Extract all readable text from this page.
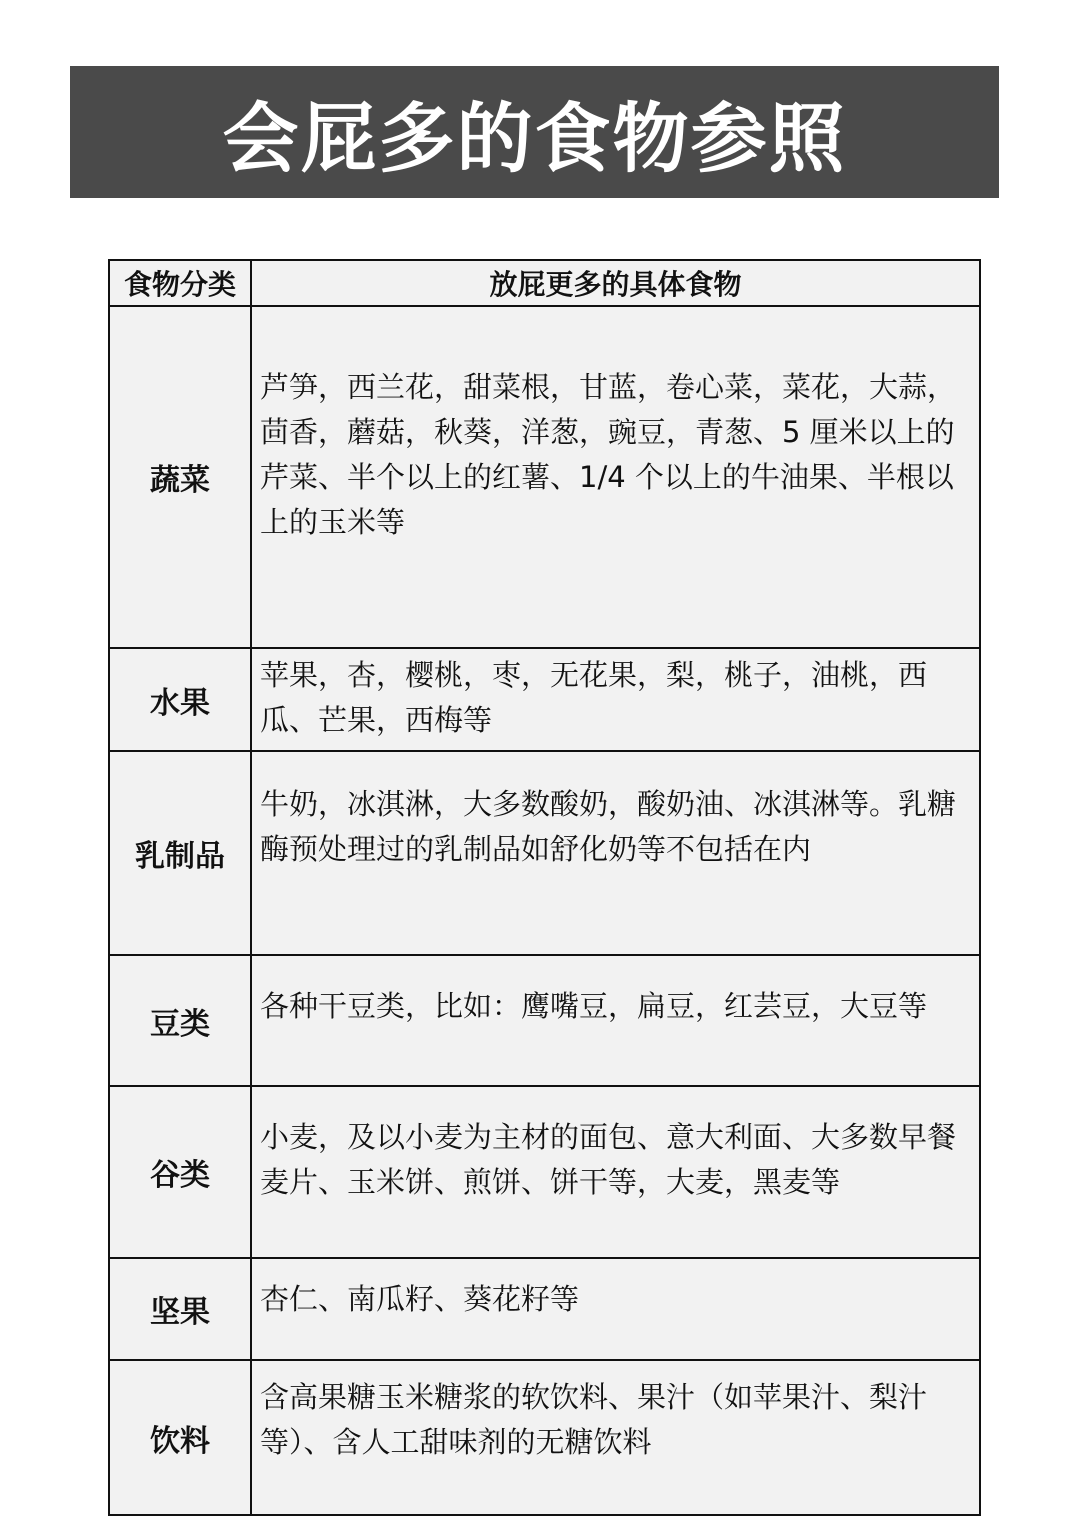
会屁多的食物参照
食物分类	放屁更多的具体食物
蔬菜	芦笋，西兰花，甜菜根，甘蓝，卷心菜，菜花，大蒜，茴香，蘑菇，秋葵，洋葱，豌豆，青葱、5 厘米以上的芹菜、半个以上的红薯、1/4 个以上的牛油果、半根以上的玉米等
水果	苹果，杏，樱桃，枣，无花果，梨，桃子，油桃，西瓜、芒果，西梅等
乳制品	牛奶，冰淇淋，大多数酸奶，酸奶油、冰淇淋等。乳糖酶预处理过的乳制品如舒化奶等不包括在内
豆类	各种干豆类，比如：鹰嘴豆，扁豆，红芸豆，大豆等
谷类	小麦，及以小麦为主材的面包、意大利面、大多数早餐麦片、玉米饼、煎饼、饼干等，大麦，黑麦等
坚果	杏仁、南瓜籽、葵花籽等
饮料	含高果糖玉米糖浆的软饮料、果汁（如苹果汁、梨汁等）、含人工甜味剂的无糖饮料
